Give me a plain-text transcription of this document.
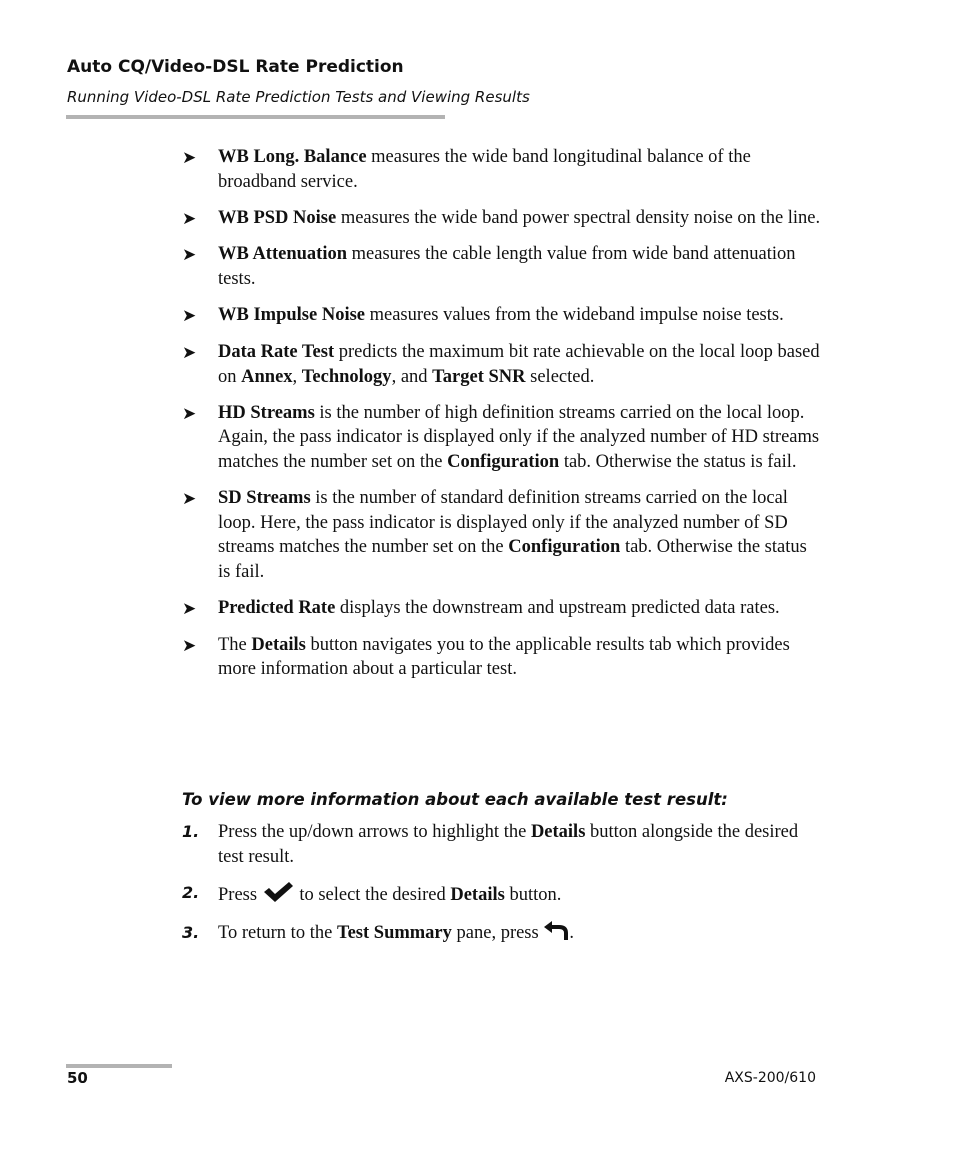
Auto CQ/Video-DSL Rate Prediction
Running Video-DSL Rate Prediction Tests and Viewing Results
➤	WB Long. Balance measures the wide band longitudinal balance of the broadband service.
➤	WB PSD Noise measures the wide band power spectral density noise on the line.
➤	WB Attenuation measures the cable length value from wide band attenuation tests.
➤	WB Impulse Noise measures values from the wideband impulse noise tests.
➤	Data Rate Test predicts the maximum bit rate achievable on the local loop based on Annex, Technology, and Target SNR selected.
➤	HD Streams is the number of high definition streams carried on the local loop. Again, the pass indicator is displayed only if the analyzed number of HD streams matches the number set on the Configuration tab. Otherwise the status is fail.
➤	SD Streams is the number of standard definition streams carried on the local loop. Here, the pass indicator is displayed only if the analyzed number of SD streams matches the number set on the Configuration tab. Otherwise the status is fail.
➤	Predicted Rate displays the downstream and upstream predicted data rates.
➤	The Details button navigates you to the applicable results tab which provides more information about a particular test.
To view more information about each available test result:
1.	Press the up/down arrows to highlight the Details button alongside the desired test result.
2.	Press  to select the desired Details button.
3.	To return to the Test Summary pane, press .
50	AXS-200/610
